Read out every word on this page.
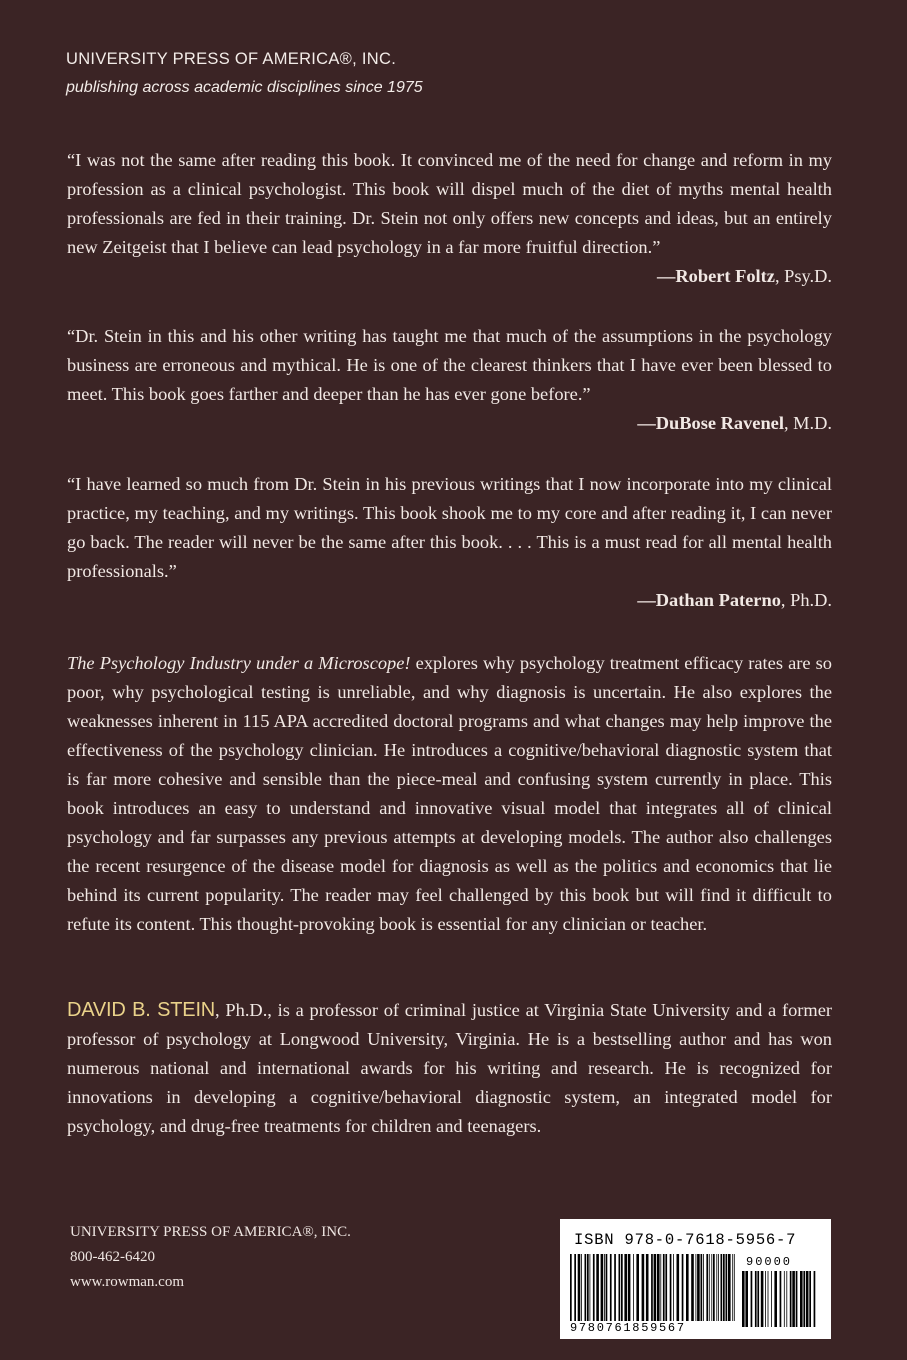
UNIVERSITY PRESS OF AMERICA®, INC.
publishing across academic disciplines since 1975
“I was not the same after reading this book. It convinced me of the need for change and reform in my profession as a clinical psychologist. This book will dispel much of the diet of myths mental health professionals are fed in their training. Dr. Stein not only offers new concepts and ideas, but an entirely new Zeitgeist that I believe can lead psychology in a far more fruitful direction.”
—Robert Foltz, Psy.D.
“Dr. Stein in this and his other writing has taught me that much of the assumptions in the psychology business are erroneous and mythical. He is one of the clearest thinkers that I have ever been blessed to meet. This book goes farther and deeper than he has ever gone before.”
—DuBose Ravenel, M.D.
“I have learned so much from Dr. Stein in his previous writings that I now incorporate into my clinical practice, my teaching, and my writings. This book shook me to my core and after reading it, I can never go back. The reader will never be the same after this book. . . . This is a must read for all mental health professionals.”
—Dathan Paterno, Ph.D.
The Psychology Industry under a Microscope! explores why psychology treatment efficacy rates are so poor, why psychological testing is unreliable, and why diagnosis is uncertain. He also explores the weaknesses inherent in 115 APA accredited doctoral programs and what changes may help improve the effectiveness of the psychology clinician. He introduces a cognitive/behavioral diagnostic system that is far more cohesive and sensible than the piece-meal and confusing system currently in place. This book introduces an easy to understand and innovative visual model that integrates all of clinical psychology and far surpasses any previous attempts at developing models. The author also challenges the recent resurgence of the disease model for diagnosis as well as the politics and economics that lie behind its current popularity. The reader may feel challenged by this book but will find it difficult to refute its content. This thought-provoking book is essential for any clinician or teacher.
DAVID B. STEIN, Ph.D., is a professor of criminal justice at Virginia State University and a former professor of psychology at Longwood University, Virginia. He is a bestselling author and has won numerous national and international awards for his writing and research. He is recognized for innovations in developing a cognitive/behavioral diagnostic system, an integrated model for psychology, and drug-free treatments for children and teenagers.
UNIVERSITY PRESS OF AMERICA®, INC.
800-462-6420
www.rowman.com
ISBN 978-0-7618-5956-7
90000
9780761859567
